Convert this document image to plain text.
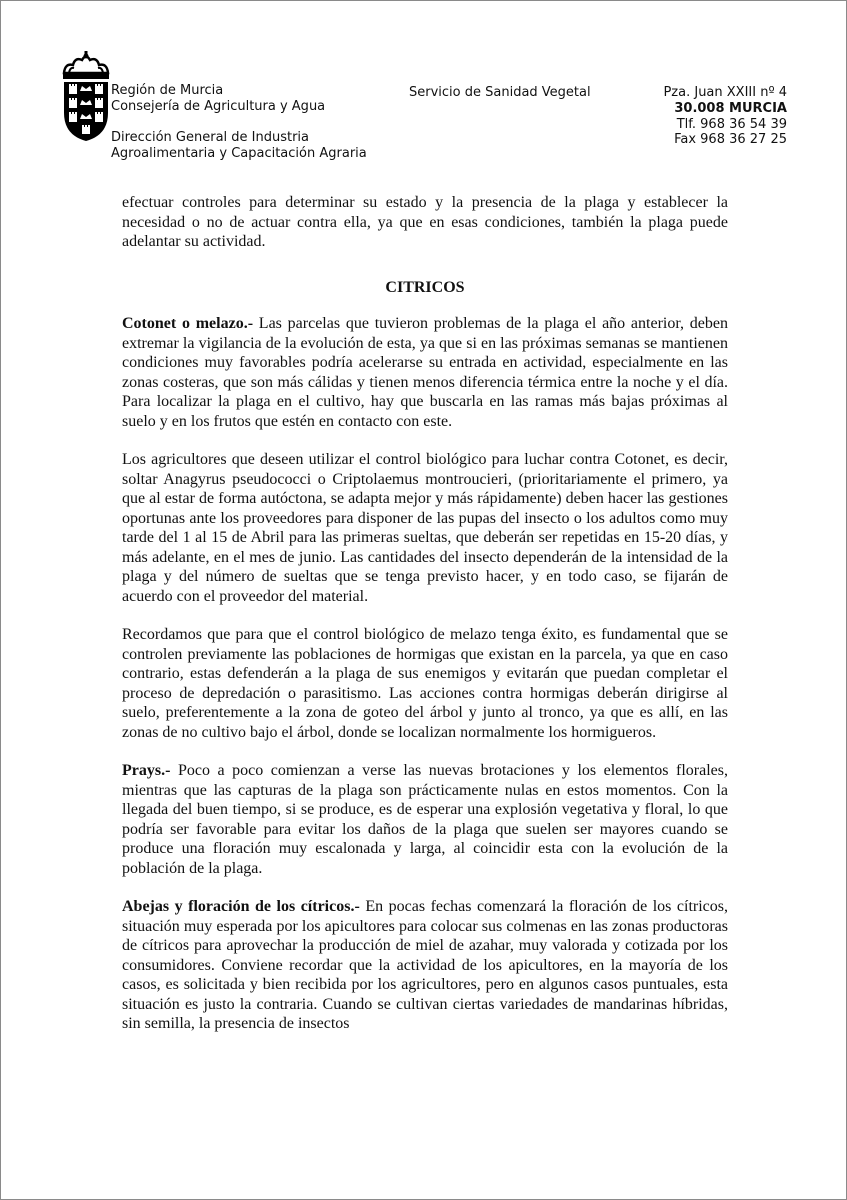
Región de Murcia
Consejería de Agricultura y Agua
Dirección General de Industria
Agroalimentaria y Capacitación Agraria
Servicio de Sanidad Vegetal	Pza. Juan XXIII nº 4
30.008 MURCIA
Tlf. 968 36 54 39
Fax 968 36 27 25

efectuar controles para determinar su estado y la presencia de la plaga y establecer la necesidad o no de actuar contra ella, ya que en esas condiciones, también la plaga puede adelantar su actividad.

CITRICOS

Cotonet o melazo.- Las parcelas que tuvieron problemas de la plaga el año anterior, deben extremar la vigilancia de la evolución de esta, ya que si en las próximas semanas se mantienen condiciones muy favorables podría acelerarse su entrada en actividad, especialmente en las zonas costeras, que son más cálidas y tienen menos diferencia térmica entre la noche y el día. Para localizar la plaga en el cultivo, hay que buscarla en las ramas más bajas próximas al suelo y en los frutos que estén en contacto con este.

Los agricultores que deseen utilizar el control biológico para luchar contra Cotonet, es decir, soltar Anagyrus pseudococci o Criptolaemus montroucieri, (prioritariamente el primero, ya que al estar de forma autóctona, se adapta mejor y más rápidamente) deben hacer las gestiones oportunas ante los proveedores para disponer de las pupas del insecto o los adultos como muy tarde del 1 al 15 de Abril para las primeras sueltas, que deberán ser repetidas en 15-20 días, y más adelante, en el mes de junio. Las cantidades del insecto dependerán de la intensidad de la plaga y del número de sueltas que se tenga previsto hacer, y en todo caso, se fijarán de acuerdo con el proveedor del material.

Recordamos que para que el control biológico de melazo tenga éxito, es fundamental que se controlen previamente las poblaciones de hormigas que existan en la parcela, ya que en caso contrario, estas defenderán a la plaga de sus enemigos y evitarán que puedan completar el proceso de depredación o parasitismo. Las acciones contra hormigas deberán dirigirse al suelo, preferentemente a la zona de goteo del árbol y junto al tronco, ya que es allí, en las zonas de no cultivo bajo el árbol, donde se localizan normalmente los hormigueros.

Prays.- Poco a poco comienzan a verse las nuevas brotaciones y los elementos florales, mientras que las capturas de la plaga son prácticamente nulas en estos momentos. Con la llegada del buen tiempo, si se produce, es de esperar una explosión vegetativa y floral, lo que podría ser favorable para evitar los daños de la plaga que suelen ser mayores cuando se produce una floración muy escalonada y larga, al coincidir esta con la evolución de la población de la plaga.

Abejas y floración de los cítricos.- En pocas fechas comenzará la floración de los cítricos, situación muy esperada por los apicultores para colocar sus colmenas en las zonas productoras de cítricos para aprovechar la producción de miel de azahar, muy valorada y cotizada por los consumidores. Conviene recordar que la actividad de los apicultores, en la mayoría de los casos, es solicitada y bien recibida por los agricultores, pero en algunos casos puntuales, esta situación es justo la contraria. Cuando se cultivan ciertas variedades de mandarinas híbridas, sin semilla, la presencia de insectos
